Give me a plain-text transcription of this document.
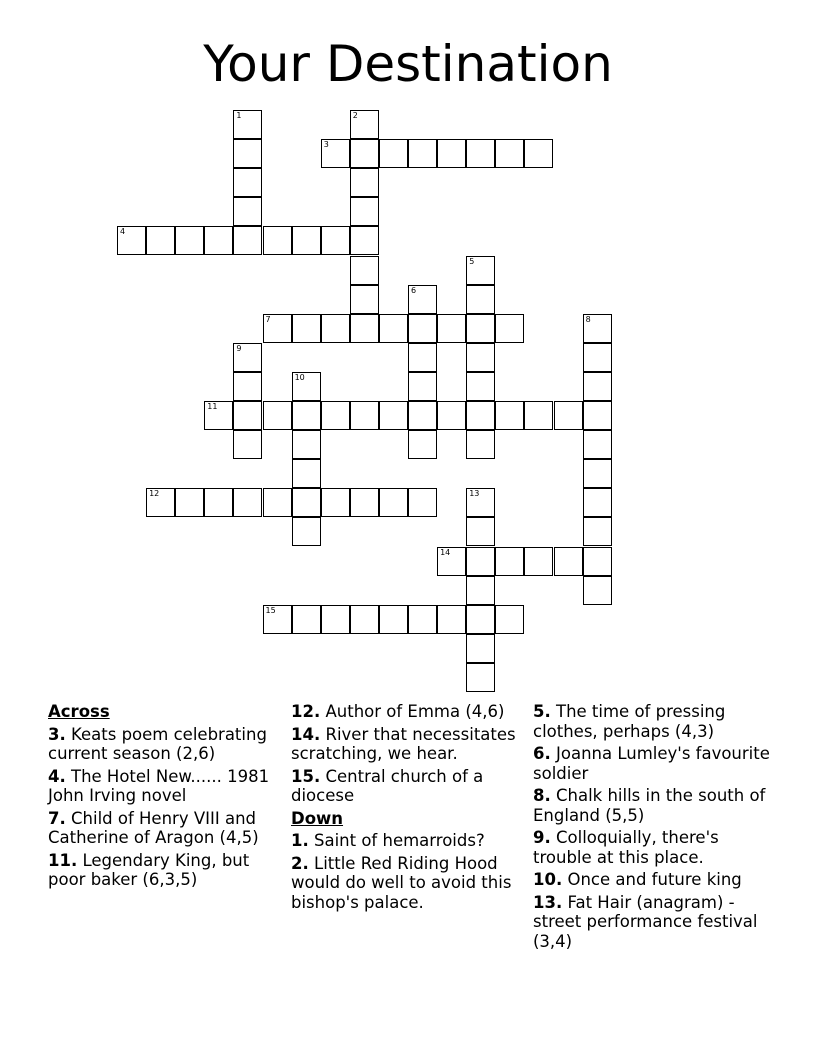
Your Destination
1	2
3
4
5
6
7	8
9
10
11
12	13
14
15
Across
3. Keats poem celebrating current season (2,6)
4. The Hotel New...... 1981 John Irving novel
7. Child of Henry VIII and Catherine of Aragon (4,5)
11. Legendary King, but poor baker (6,3,5)
12. Author of Emma (4,6)
14. River that necessitates scratching, we hear.
15. Central church of a diocese
Down
1. Saint of hemarroids?
2. Little Red Riding Hood would do well to avoid this bishop's palace.
5. The time of pressing clothes, perhaps (4,3)
6. Joanna Lumley's favourite soldier
8. Chalk hills in the south of England (5,5)
9. Colloquially, there's trouble at this place.
10. Once and future king
13. Fat Hair (anagram) - street performance festival (3,4)
